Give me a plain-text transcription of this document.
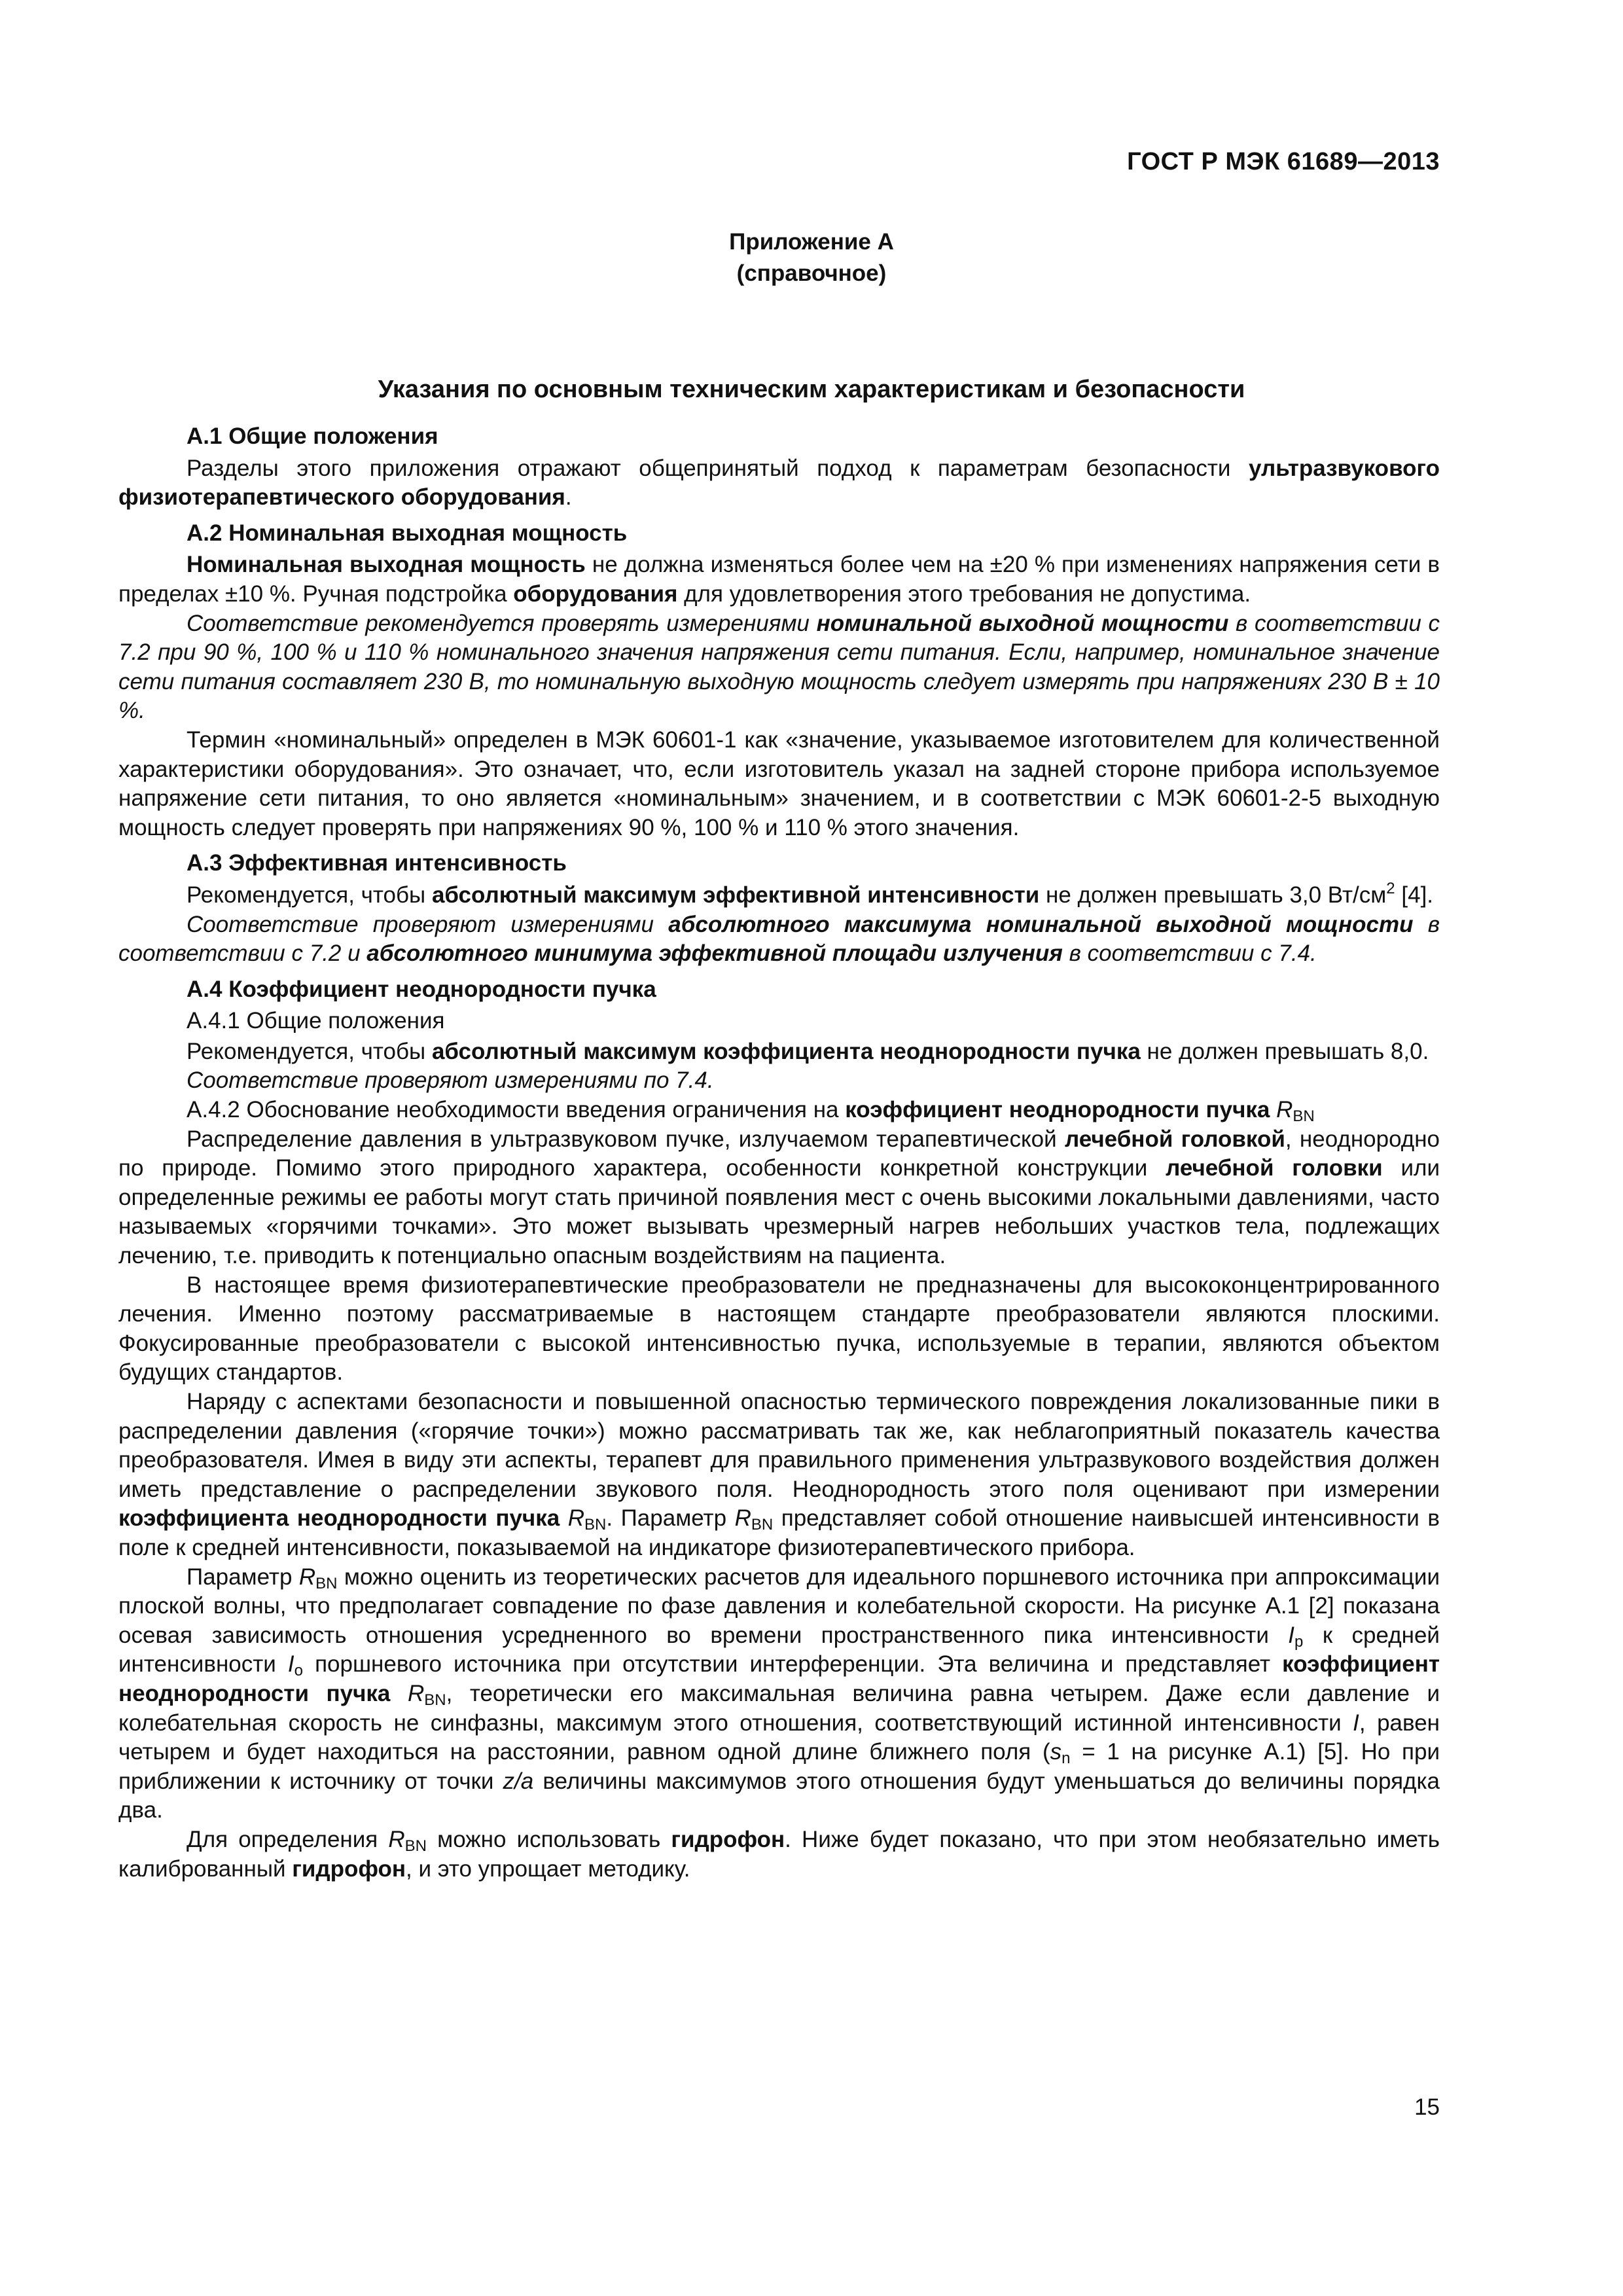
ГОСТ Р МЭК 61689—2013
Приложение А
(справочное)
Указания по основным техническим характеристикам и безопасности

А.1 Общие положения

Разделы этого приложения отражают общепринятый подход к параметрам безопасности ультразвукового физиотерапевтического оборудования.

А.2 Номинальная выходная мощность

Номинальная выходная мощность не должна изменяться более чем на ±20 % при изменениях напряжения сети в пределах ±10 %. Ручная подстройка оборудования для удовлетворения этого требования не допустима.

Соответствие рекомендуется проверять измерениями номинальной выходной мощности в соответствии с 7.2 при 90 %, 100 % и 110 % номинального значения напряжения сети питания. Если, например, номинальное значение сети питания составляет 230 В, то номинальную выходную мощность следует измерять при напряжениях 230 В ± 10 %.

Термин «номинальный» определен в МЭК 60601-1 как «значение, указываемое изготовителем для количественной характеристики оборудования». Это означает, что, если изготовитель указал на задней стороне прибора используемое напряжение сети питания, то оно является «номинальным» значением, и в соответствии с МЭК 60601-2-5 выходную мощность следует проверять при напряжениях 90 %, 100 % и 110 % этого значения.

А.3 Эффективная интенсивность

Рекомендуется, чтобы абсолютный максимум эффективной интенсивности не должен превышать 3,0 $Вт/см^2$ [4].

Соответствие проверяют измерениями абсолютного максимума номинальной выходной мощности в соответствии с 7.2 и абсолютного минимума эффективной площади излучения в соответствии с 7.4.

А.4 Коэффициент неоднородности пучка

А.4.1 Общие положения

Рекомендуется, чтобы абсолютный максимум коэффициента неоднородности пучка не должен превышать 8,0.

Соответствие проверяют измерениями по 7.4.

А.4.2 Обоснование необходимости введения ограничения на коэффициент неоднородности пучка $R_{BN}$

Распределение давления в ультразвуковом пучке, излучаемом терапевтической лечебной головкой, неоднородно по природе. Помимо этого природного характера, особенности конкретной конструкции лечебной головки или определенные режимы ее работы могут стать причиной появления мест с очень высокими локальными давлениями, часто называемых «горячими точками». Это может вызывать чрезмерный нагрев небольших участков тела, подлежащих лечению, т.е. приводить к потенциально опасным воздействиям на пациента.

В настоящее время физиотерапевтические преобразователи не предназначены для высококонцентрированного лечения. Именно поэтому рассматриваемые в настоящем стандарте преобразователи являются плоскими. Фокусированные преобразователи с высокой интенсивностью пучка, используемые в терапии, являются объектом будущих стандартов.

Наряду с аспектами безопасности и повышенной опасностью термического повреждения локализованные пики в распределении давления («горячие точки») можно рассматривать так же, как неблагоприятный показатель качества преобразователя. Имея в виду эти аспекты, терапевт для правильного применения ультразвукового воздействия должен иметь представление о распределении звукового поля. Неоднородность этого поля оценивают при измерении коэффициента неоднородности пучка $R_{BN}$. Параметр $R_{BN}$ представляет собой отношение наивысшей интенсивности в поле к средней интенсивности, показываемой на индикаторе физиотерапевтического прибора.

Параметр $R_{BN}$ можно оценить из теоретических расчетов для идеального поршневого источника при аппроксимации плоской волны, что предполагает совпадение по фазе давления и колебательной скорости. На рисунке А.1 [2] показана осевая зависимость отношения усредненного во времени пространственного пика интенсивности $I_p$ к средней интенсивности $I_o$ поршневого источника при отсутствии интерференции. Эта величина и представляет коэффициент неоднородности пучка $R_{BN}$, теоретически его максимальная величина равна четырем. Даже если давление и колебательная скорость не синфазны, максимум этого отношения, соответствующий истинной интенсивности I, равен четырем и будет находиться на расстоянии, равном одной длине ближнего поля ($s_n = 1$ на рисунке А.1) [5]. Но при приближении к источнику от точки z/a величины максимумов этого отношения будут уменьшаться до величины порядка два.

Для определения $R_{BN}$ можно использовать гидрофон. Ниже будет показано, что при этом необязательно иметь калиброванный гидрофон, и это упрощает методику.

15
